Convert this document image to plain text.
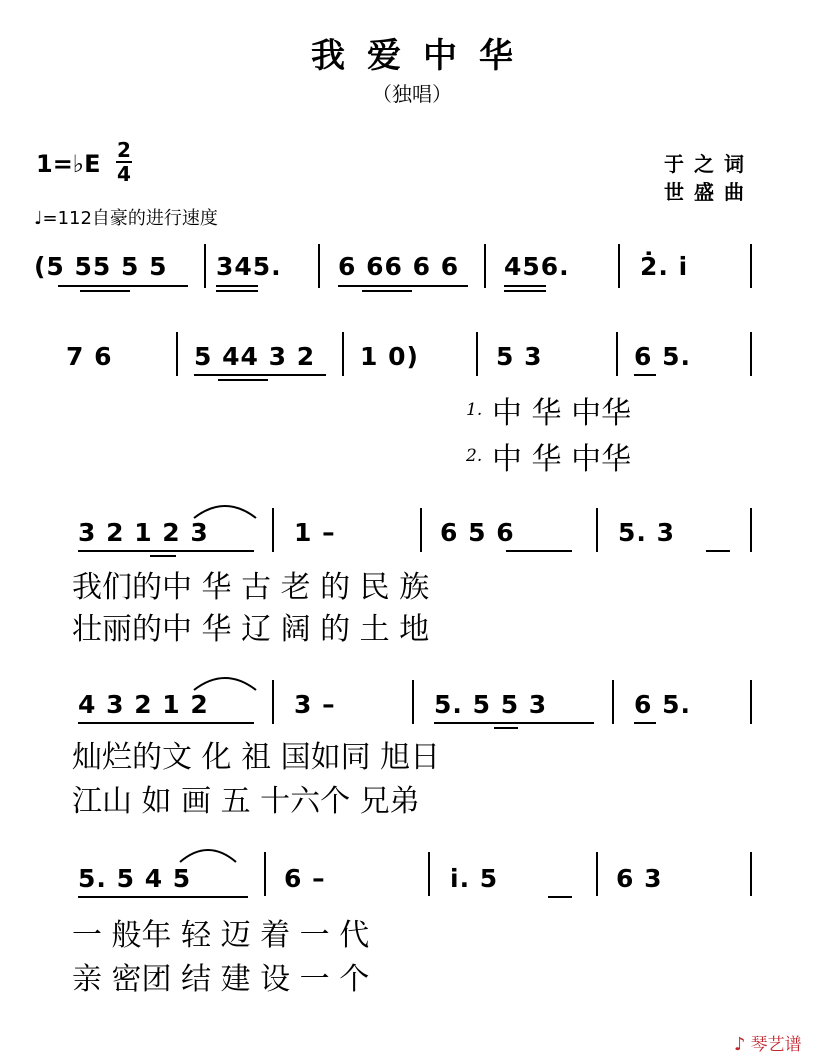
我爱中华
（独唱）
1=♭E 2
4	于之词
世盛曲
♩=112自豪的进行速度
(5 55 5 5 345. 6 66 6 6 456.	2̇. i̇
7 6	5 44 3 2 1 0)	5 3	6 5.
1. 中 华 中华
2. 中 华 中华
3 2 1 2 3	1 –	6 5 6	5. 3
我们的中 华 古 老 的 民 族
壮丽的中 华 辽 阔 的 土 地
4 3 2 1 2	3 –	5. 5 5 3	6 5.
灿烂的文 化 祖 国如同 旭日
江山 如 画 五 十六个 兄弟
5. 5 4 5	6 –	i̇. 5	6 3
一 般年 轻 迈 着 一 代
亲 密团 结 建 设 一 个
♪ 琴艺谱
